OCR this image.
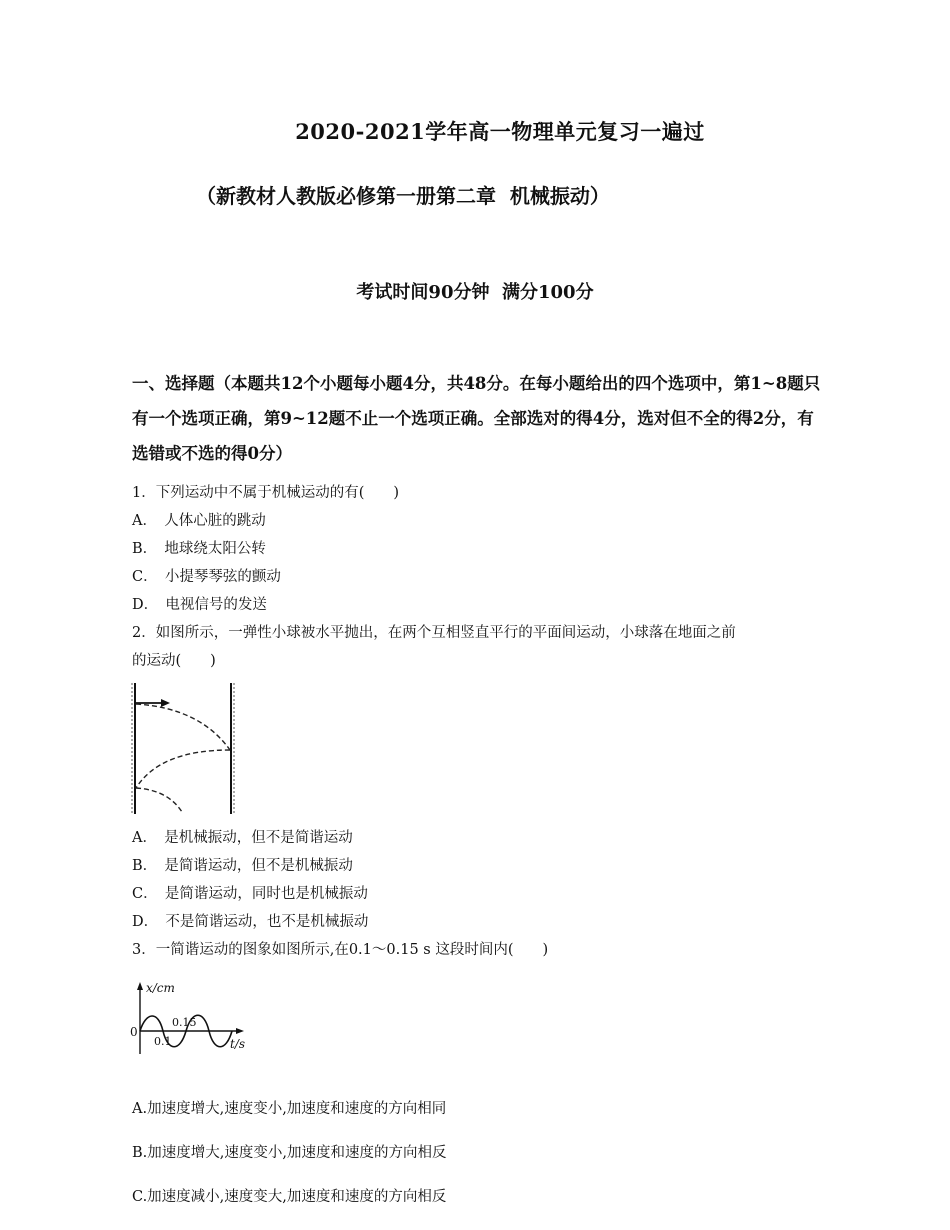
2020-2021学年高一物理单元复习一遍过
（新教材人教版必修第一册第二章  机械振动）
考试时间90分钟  满分100分
一、选择题（本题共12个小题每小题4分，共48分。在每小题给出的四个选项中，第1~8题只有一个选项正确，第9~12题不止一个选项正确。全部选对的得4分，选对但不全的得2分，有选错或不选的得0分）
1．下列运动中不属于机械运动的有(　　)
A．　人体心脏的跳动
B．　地球绕太阳公转
C．　小提琴琴弦的颤动
D．　电视信号的发送
2．如图所示，一弹性小球被水平抛出，在两个互相竖直平行的平面间运动，小球落在地面之前
的运动(　　)
A．　是机械振动，但不是简谐运动
B．　是简谐运动，但不是机械振动
C．　是简谐运动，同时也是机械振动
D．　不是简谐运动，也不是机械振动
3．一简谐运动的图象如图所示,在0.1～0.15 s 这段时间内(　　)
x/cm
0
0.1
0.15
t/s
A.加速度增大,速度变小,加速度和速度的方向相同
B.加速度增大,速度变小,加速度和速度的方向相反
C.加速度减小,速度变大,加速度和速度的方向相反
